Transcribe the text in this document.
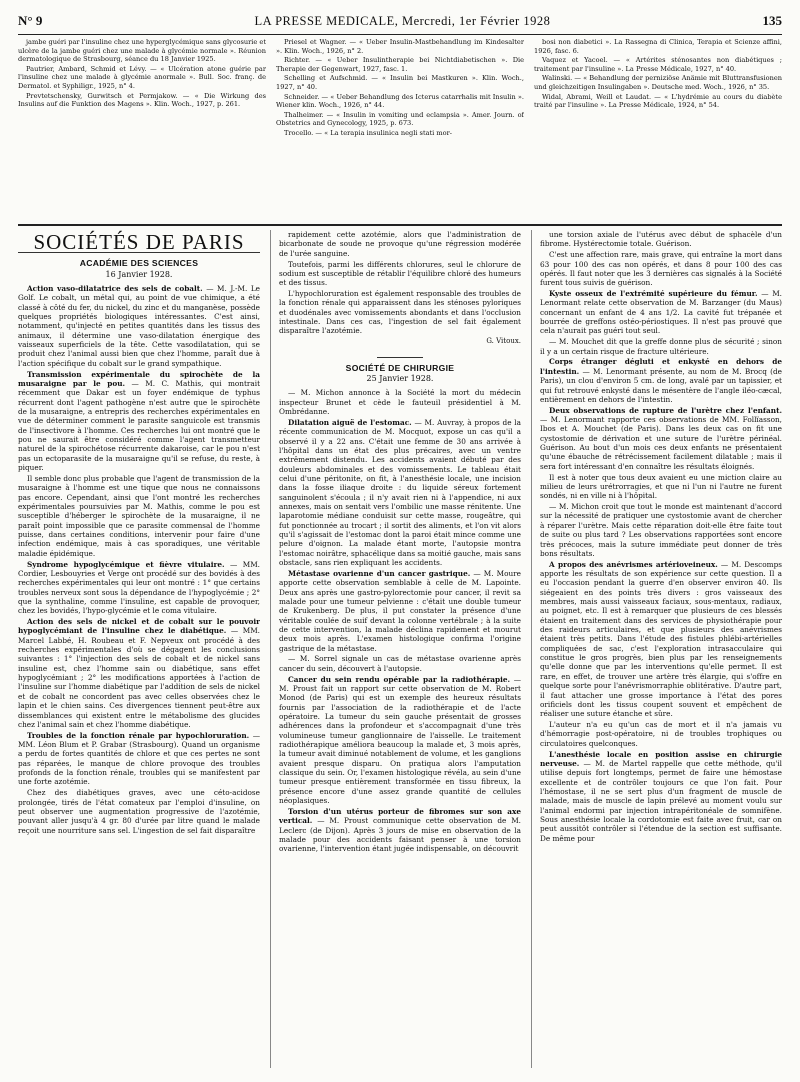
N° 9	LA PRESSE MEDICALE, Mercredi, 1er Février 1928	135

jambe guéri par l'insuline chez une hyperglycémique sans glycosurie et ulcère de la jambe guéri chez une malade à glycémie normale ». Réunion dermatologique de Strasbourg, séance du 18 Janvier 1925.

Pautrier, Ambard, Schmid et Lévy. — « Ulcération atone guérie par l'insuline chez une malade à glycémie anormale ». Bull. Soc. franç. de Dermatol. et Syphiligr., 1925, n° 4.

Prevtetschensky, Gurwitsch et Permjakow. — « Die Wirkung des Insulins auf die Funktion des Magens ». Klin. Woch., 1927, p. 261.

Priesel et Wagner. — « Ueber Insulin-Mastbehandlung im Kindesalter ». Klin. Woch., 1926, n° 2.

Richter. — « Ueber Insulintherapie bei Nichtdiabetischen ». Die Therapie der Gegenwart, 1927, fasc. 1.

Schelling et Aufschmid. — « Insulin bei Mastkuren ». Klin. Woch., 1927, n° 40.

Schneider. — « Ueber Behandlung des Icterus catarrhalis mit Insulin ». Wiener klin. Woch., 1926, n° 44.

Thalheimer. — « Insulin in vomiting und eclampsia ». Amer. Journ. of Obstetrics and Gynecology, 1925, p. 673.

Trocello. — « La terapia insulinica negli stati mor-

bosi non diabetici ». La Rassegna di Clinica, Terapia et Scienze affini, 1926, fasc. 6.

Vaquez et Yacoel. — « Artérites sténosantes non diabétiques ; traitement par l'insuline ». La Presse Médicale, 1927, n° 40.

Walinski. — « Behandlung der perniziöse Anämie mit Bluttransfusionen und gleichzeitigen Insulingaben ». Deutsche med. Woch., 1926, n° 35.

Widal, Abrami, Weill et Laudat. — « L'hydrémie au cours du diabète traité par l'insuline ». La Presse Médicale, 1924, n° 54.

SOCIÉTÉS DE PARIS
ACADÉMIE DES SCIENCES
16 Janvier 1928.

Action vaso-dilatatrice des sels de cobalt. — M. J.-M. Le Golf. Le cobalt, un métal qui, au point de vue chimique, a été classé à côté du fer, du nickel, du zinc et du manganèse, possède quelques propriétés biologiques intéressantes. C'est ainsi, notamment, qu'injecté en petites quantités dans les tissus des animaux, il détermine une vaso-dilatation énergique des vaisseaux superficiels de la tête. Cette vasodilatation, qui se produit chez l'animal aussi bien que chez l'homme, paraît due à l'action spécifique du cobalt sur le grand sympathique.

Transmission expérimentale du spirochète de la musaraigne par le pou. — M. C. Mathis, qui montrait récemment que Dakar est un foyer endémique de typhus récurrent dont l'agent pathogène n'est autre que le spirochète de la musaraigne, a entrepris des recherches expérimentales en vue de déterminer comment le parasite sanguicole est transmis de l'insectivore à l'homme. Ces recherches lui ont montré que le pou ne saurait être considéré comme l'agent transmetteur naturel de la spirochétose récurrente dakaroise, car le pou n'est pas un ectoparasite de la musaraigne qu'il se refuse, du reste, à piquer.

Il semble donc plus probable que l'agent de transmission de la musaraigne à l'homme est une tique que nous ne connaissons pas encore. Cependant, ainsi que l'ont montré les recherches expérimentales poursuivies par M. Mathis, comme le pou est susceptible d'héberger le spirochète de la musaraigne, il ne paraît point impossible que ce parasite commensal de l'homme puisse, dans certaines conditions, intervenir pour faire d'une infection endémique, mais à cas sporadiques, une véritable maladie épidémique.

Syndrome hypoglycémique et fièvre vitulaire. — MM. Cordier, Lesbouyries et Verge ont procédé sur des bovidés à des recherches expérimentales qui leur ont montré : 1° que certains troubles nerveux sont sous la dépendance de l'hypoglycémie ; 2° que la synthaline, comme l'insuline, est capable de provoquer, chez les bovidés, l'hypo-glycémie et le coma vitulaire.

Action des sels de nickel et de cobalt sur le pouvoir hypoglycémiant de l'insuline chez le diabétique. — MM. Marcel Labbé, H. Roubeau et F. Nepveux ont procédé à des recherches expérimentales d'où se dégagent les conclusions suivantes : 1° l'injection des sels de cobalt et de nickel sans insuline est, chez l'homme sain ou diabétique, sans effet hypoglycémiant ; 2° les modifications apportées à l'action de l'insuline sur l'homme diabétique par l'addition de sels de nickel et de cobalt ne concordent pas avec celles observées chez le lapin et le chien sains. Ces divergences tiennent peut-être aux dissemblances qui existent entre le métabolisme des glucides chez l'animal sain et chez l'homme diabétique.

Troubles de la fonction rénale par hypochloruration. — MM. Léon Blum et P. Grabar (Strasbourg). Quand un organisme a perdu de fortes quantités de chlore et que ces pertes ne sont pas réparées, le manque de chlore provoque des troubles profonds de la fonction rénale, troubles qui se manifestent par une forte azotémie.

Chez des diabétiques graves, avec une céto-acidose prolongée, tirés de l'état comateux par l'emploi d'insuline, on peut observer une augmentation progressive de l'azotémie, pouvant aller jusqu'à 4 gr. 80 d'urée par litre quand le malade reçoit une nourriture sans sel. L'ingestion de sel fait disparaître

rapidement cette azotémie, alors que l'administration de bicarbonate de soude ne provoque qu'une régression modérée de l'urée sanguine.

Toutefois, parmi les différents chlorures, seul le chlorure de sodium est susceptible de rétablir l'équilibre chloré des humeurs et des tissus.

L'hypochloruration est également responsable des troubles de la fonction rénale qui apparaissent dans les sténoses pyloriques et duodénales avec vomissements abondants et dans l'occlusion intestinale. Dans ces cas, l'ingestion de sel fait également disparaître l'azotémie.

G. Vitoux.

SOCIÉTÉ DE CHIRURGIE
25 Janvier 1928.

— M. Michon annonce à la Société la mort du médecin inspecteur Brunet et cède le fauteuil présidentiel à M. Ombrédanne.

Dilatation aiguë de l'estomac. — M. Auvray, à propos de la récente communication de M. Mocquot, expose un cas qu'il a observé il y a 22 ans. C'était une femme de 30 ans arrivée à l'hôpital dans un état des plus précaires, avec un ventre extrêmement distendu. Les accidents avaient débuté par des douleurs abdominales et des vomissements. Le tableau était celui d'une péritonite, on fit, à l'anesthésie locale, une incision dans la fosse iliaque droite : du liquide séreux fortement sanguinolent s'écoula ; il n'y avait rien ni à l'appendice, ni aux annexes, mais on sentait vers l'ombilic une masse rénitente. Une laparotomie médiane conduisit sur cette masse, rougeâtre, qui fut ponctionnée au trocart ; il sortit des aliments, et l'on vit alors qu'il s'agissait de l'estomac dont la paroi était mince comme une pelure d'oignon. La malade étant morte, l'autopsie montra l'estomac noirâtre, sphacélique dans sa moitié gauche, mais sans obstacle, sans rien expliquant les accidents.

Métastase ovarienne d'un cancer gastrique. — M. Moure apporte cette observation semblable à celle de M. Lapointe. Deux ans après une gastro-pylorectomie pour cancer, il revit sa malade pour une tumeur pelvienne : c'était une double tumeur de Krukenberg. De plus, il put constater la présence d'une véritable coulée de suif devant la colonne vertébrale ; à la suite de cette intervention, la malade déclina rapidement et mourut deux mois après. L'examen histologique confirma l'origine gastrique de la métastase.

— M. Sorrel signale un cas de métastase ovarienne après cancer du sein, découvert à l'autopsie.

Cancer du sein rendu opérable par la radiothérapie. — M. Proust fait un rapport sur cette observation de M. Robert Monod (de Paris) qui est un exemple des heureux résultats fournis par l'association de la radiothérapie et de l'acte opératoire. La tumeur du sein gauche présentait de grosses adhérences dans la profondeur et s'accompagnait d'une très volumineuse tumeur ganglionnaire de l'aisselle. Le traitement radiothérapique améliora beaucoup la malade et, 3 mois après, la tumeur avait diminué notablement de volume, et les ganglions avaient presque disparu. On pratiqua alors l'amputation classique du sein. Or, l'examen histologique révéla, au sein d'une tumeur presque entièrement transformée en tissu fibreux, la présence encore d'une assez grande quantité de cellules néoplasiques.

Torsion d'un utérus porteur de fibromes sur son axe vertical. — M. Proust communique cette observation de M. Leclerc (de Dijon). Après 3 jours de mise en observation de la malade pour des accidents faisant penser à une torsion ovarienne, l'intervention étant jugée indispensable, on découvrit

une torsion axiale de l'utérus avec début de sphacèle d'un fibrome. Hystérectomie totale. Guérison.

C'est une affection rare, mais grave, qui entraîne la mort dans 63 pour 100 des cas non opérés, et dans 8 pour 100 des cas opérés. Il faut noter que les 3 dernières cas signalés à la Société furent tous suivis de guérison.

Kyste osseux de l'extrémité supérieure du fémur. — M. Lenormant relate cette observation de M. Barzanger (du Maus) concernant un enfant de 4 ans 1/2. La cavité fut trépanée et bourrée de greffons ostéo-périostiques. Il n'est pas prouvé que cela n'aurait pas guéri tout seul.

— M. Mouchet dit que la greffe donne plus de sécurité ; sinon il y a un certain risque de fracture ultérieure.

Corps étranger dégluti et enkysté en dehors de l'intestin. — M. Lenormant présente, au nom de M. Brocq (de Paris), un clou d'environ 5 cm. de long, avalé par un tapissier, et qui fut retrouvé enkysté dans le mésentère de l'angle iléo-cæcal, entièrement en dehors de l'intestin.

Deux observations de rupture de l'urètre chez l'enfant. — M. Lenormant rapporte ces observations de MM. Follïasson, Ibos et A. Mouchet (de Paris). Dans les deux cas on fit une cystostomie de dérivation et une suture de l'urètre périnéal. Guérison. Au bout d'un mois ces deux enfants ne présentaient qu'une ébauche de rétrécissement facilement dilatable ; mais il sera fort intéressant d'en connaître les résultats éloignés.

Il est à noter que tous deux avaient eu une miction claire au milieu de leurs urétrorragies, et que ni l'un ni l'autre ne furent sondés, ni en ville ni à l'hôpital.

— M. Michon croit que tout le monde est maintenant d'accord sur la nécessité de pratiquer une cystostomie avant de chercher à réparer l'urètre. Mais cette réparation doit-elle être faite tout de suite ou plus tard ? Les observations rapportées sont encore très précoces, mais la suture immédiate peut donner de très bons résultats.

A propos des anévrismes artérioveineux. — M. Descomps apporte les résultats de son expérience sur cette question. Il a eu l'occasion pendant la guerre d'en observer environ 40. Ils siégeaient en des points très divers : gros vaisseaux des membres, mais aussi vaisseaux faciaux, sous-mentaux, radiaux, au poignet, etc. Il est à remarquer que plusieurs de ces blessés étaient en traitement dans des services de physiothérapie pour des raideurs articulaires, et que plusieurs des anévrismes étaient très petits. Dans l'étude des fistules phlébi-artérielles compliquées de sac, c'est l'exploration intrasacculaire qui constitue le gros progrès, bien plus par les renseignements qu'elle donne que par les interventions qu'elle permet. Il est rare, en effet, de trouver une artère très élargie, qui s'offre en quelque sorte pour l'anévrismorraphie oblitérative. D'autre part, il faut attacher une grosse importance à l'état des pores orificiels dont les tissus coupent souvent et empêchent de réaliser une suture étanche et sûre.

L'auteur n'a eu qu'un cas de mort et il n'a jamais vu d'hémorragie post-opératoire, ni de troubles trophiques ou circulatoires quelconques.

L'anesthésie locale en position assise en chirurgie nerveuse. — M. de Martel rappelle que cette méthode, qu'il utilise depuis fort longtemps, permet de faire une hémostase excellente et de contrôler toujours ce que l'on fait. Pour l'hémostase, il ne se sert plus d'un fragment de muscle de malade, mais de muscle de lapin prélevé au moment voulu sur l'animal endormi par injection intrapéritonéale de somnifène. Sous anesthésie locale la cordotomie est faite avec fruit, car on peut aussitôt contrôler si l'étendue de la section est suffisante. De même pour
